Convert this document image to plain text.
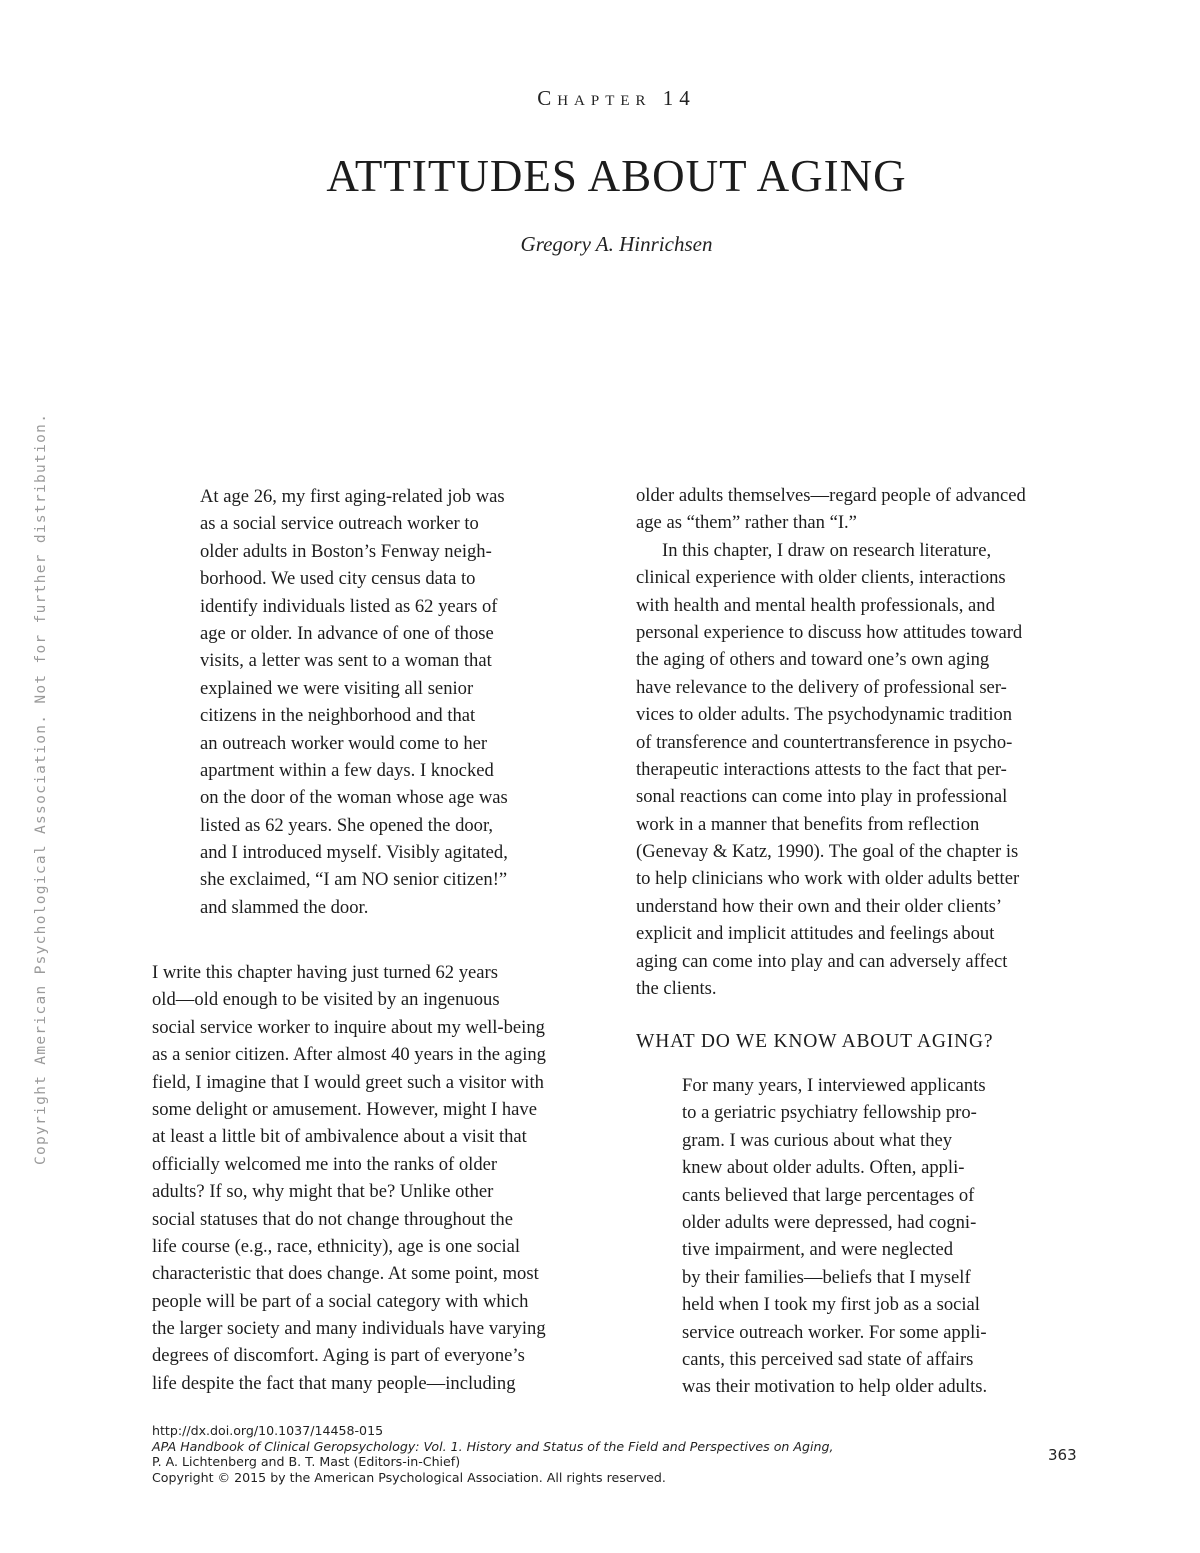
Chapter 14
ATTITUDES ABOUT AGING
Gregory A. Hinrichsen
Copyright American Psychological Association. Not for further distribution.	At age 26, my first aging-related job was
as a social service outreach worker to
older adults in Boston’s Fenway neigh-
borhood. We used city census data to
identify individuals listed as 62 years of
age or older. In advance of one of those
visits, a letter was sent to a woman that
explained we were visiting all senior
citizens in the neighborhood and that
an outreach worker would come to her
apartment within a few days. I knocked
on the door of the woman whose age was
listed as 62 years. She opened the door,
and I introduced myself. Visibly agitated,
she exclaimed, “I am NO senior citizen!”
and slammed the door.
I write this chapter having just turned 62 years
old—old enough to be visited by an ingenuous
social service worker to inquire about my well-being
as a senior citizen. After almost 40 years in the aging
field, I imagine that I would greet such a visitor with
some delight or amusement. However, might I have
at least a little bit of ambivalence about a visit that
officially welcomed me into the ranks of older
adults? If so, why might that be? Unlike other
social statuses that do not change throughout the
life course (e.g., race, ethnicity), age is one social
characteristic that does change. At some point, most
people will be part of a social category with which
the larger society and many individuals have varying
degrees of discomfort. Aging is part of everyone’s
life despite the fact that many people—including
older adults themselves—regard people of advanced
age as “them” rather than “I.”
In this chapter, I draw on research literature,
clinical experience with older clients, interactions
with health and mental health professionals, and
personal experience to discuss how attitudes toward
the aging of others and toward one’s own aging
have relevance to the delivery of professional ser-
vices to older adults. The psychodynamic tradition
of transference and countertransference in psycho-
therapeutic interactions attests to the fact that per-
sonal reactions can come into play in professional
work in a manner that benefits from reflection
(Genevay & Katz, 1990). The goal of the chapter is
to help clinicians who work with older adults better
understand how their own and their older clients’
explicit and implicit attitudes and feelings about
aging can come into play and can adversely affect
the clients.
WHAT DO WE KNOW ABOUT AGING?
For many years, I interviewed applicants
to a geriatric psychiatry fellowship pro-
gram. I was curious about what they
knew about older adults. Often, appli-
cants believed that large percentages of
older adults were depressed, had cogni-
tive impairment, and were neglected
by their families—beliefs that I myself
held when I took my first job as a social
service outreach worker. For some appli-
cants, this perceived sad state of affairs
was their motivation to help older adults.
http://dx.doi.org/10.1037/14458-015
APA Handbook of Clinical Geropsychology: Vol. 1. History and Status of the Field and Perspectives on Aging,
P. A. Lichtenberg and B. T. Mast (Editors-in-Chief)
Copyright © 2015 by the American Psychological Association. All rights reserved.
363
